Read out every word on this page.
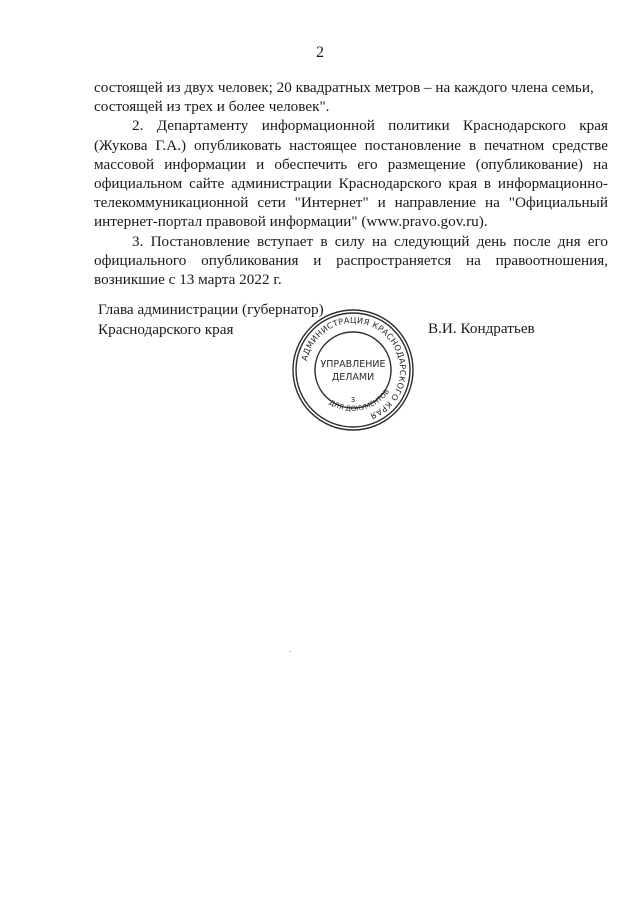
2

состоящей из двух человек; 20 квадратных метров – на каждого члена семьи,

состоящей из трех и более человек".

2. Департаменту информационной политики Краснодарского края (Жукова Г.А.) опубликовать настоящее постановление в печатном средстве массовой информации и обеспечить его размещение (опубликование) на официальном сайте администрации Краснодарского края в информационно-телекоммуникационной сети "Интернет" и направление на "Официальный интернет-портал правовой информации" (www.pravo.gov.ru).

3. Постановление вступает в силу на следующий день после дня его официального опубликования и распространяется на правоотношения, возникшие с 13 марта 2022 г.

Глава администрации (губернатор)
Краснодарского края
АДМИНИСТРАЦИЯ КРАСНОДАРСКОГО КРАЯ
ДЛЯ ДОКУМЕНТОВ
УПРАВЛЕНИЕ
ДЕЛАМИ
3
В.И. Кондратьев
